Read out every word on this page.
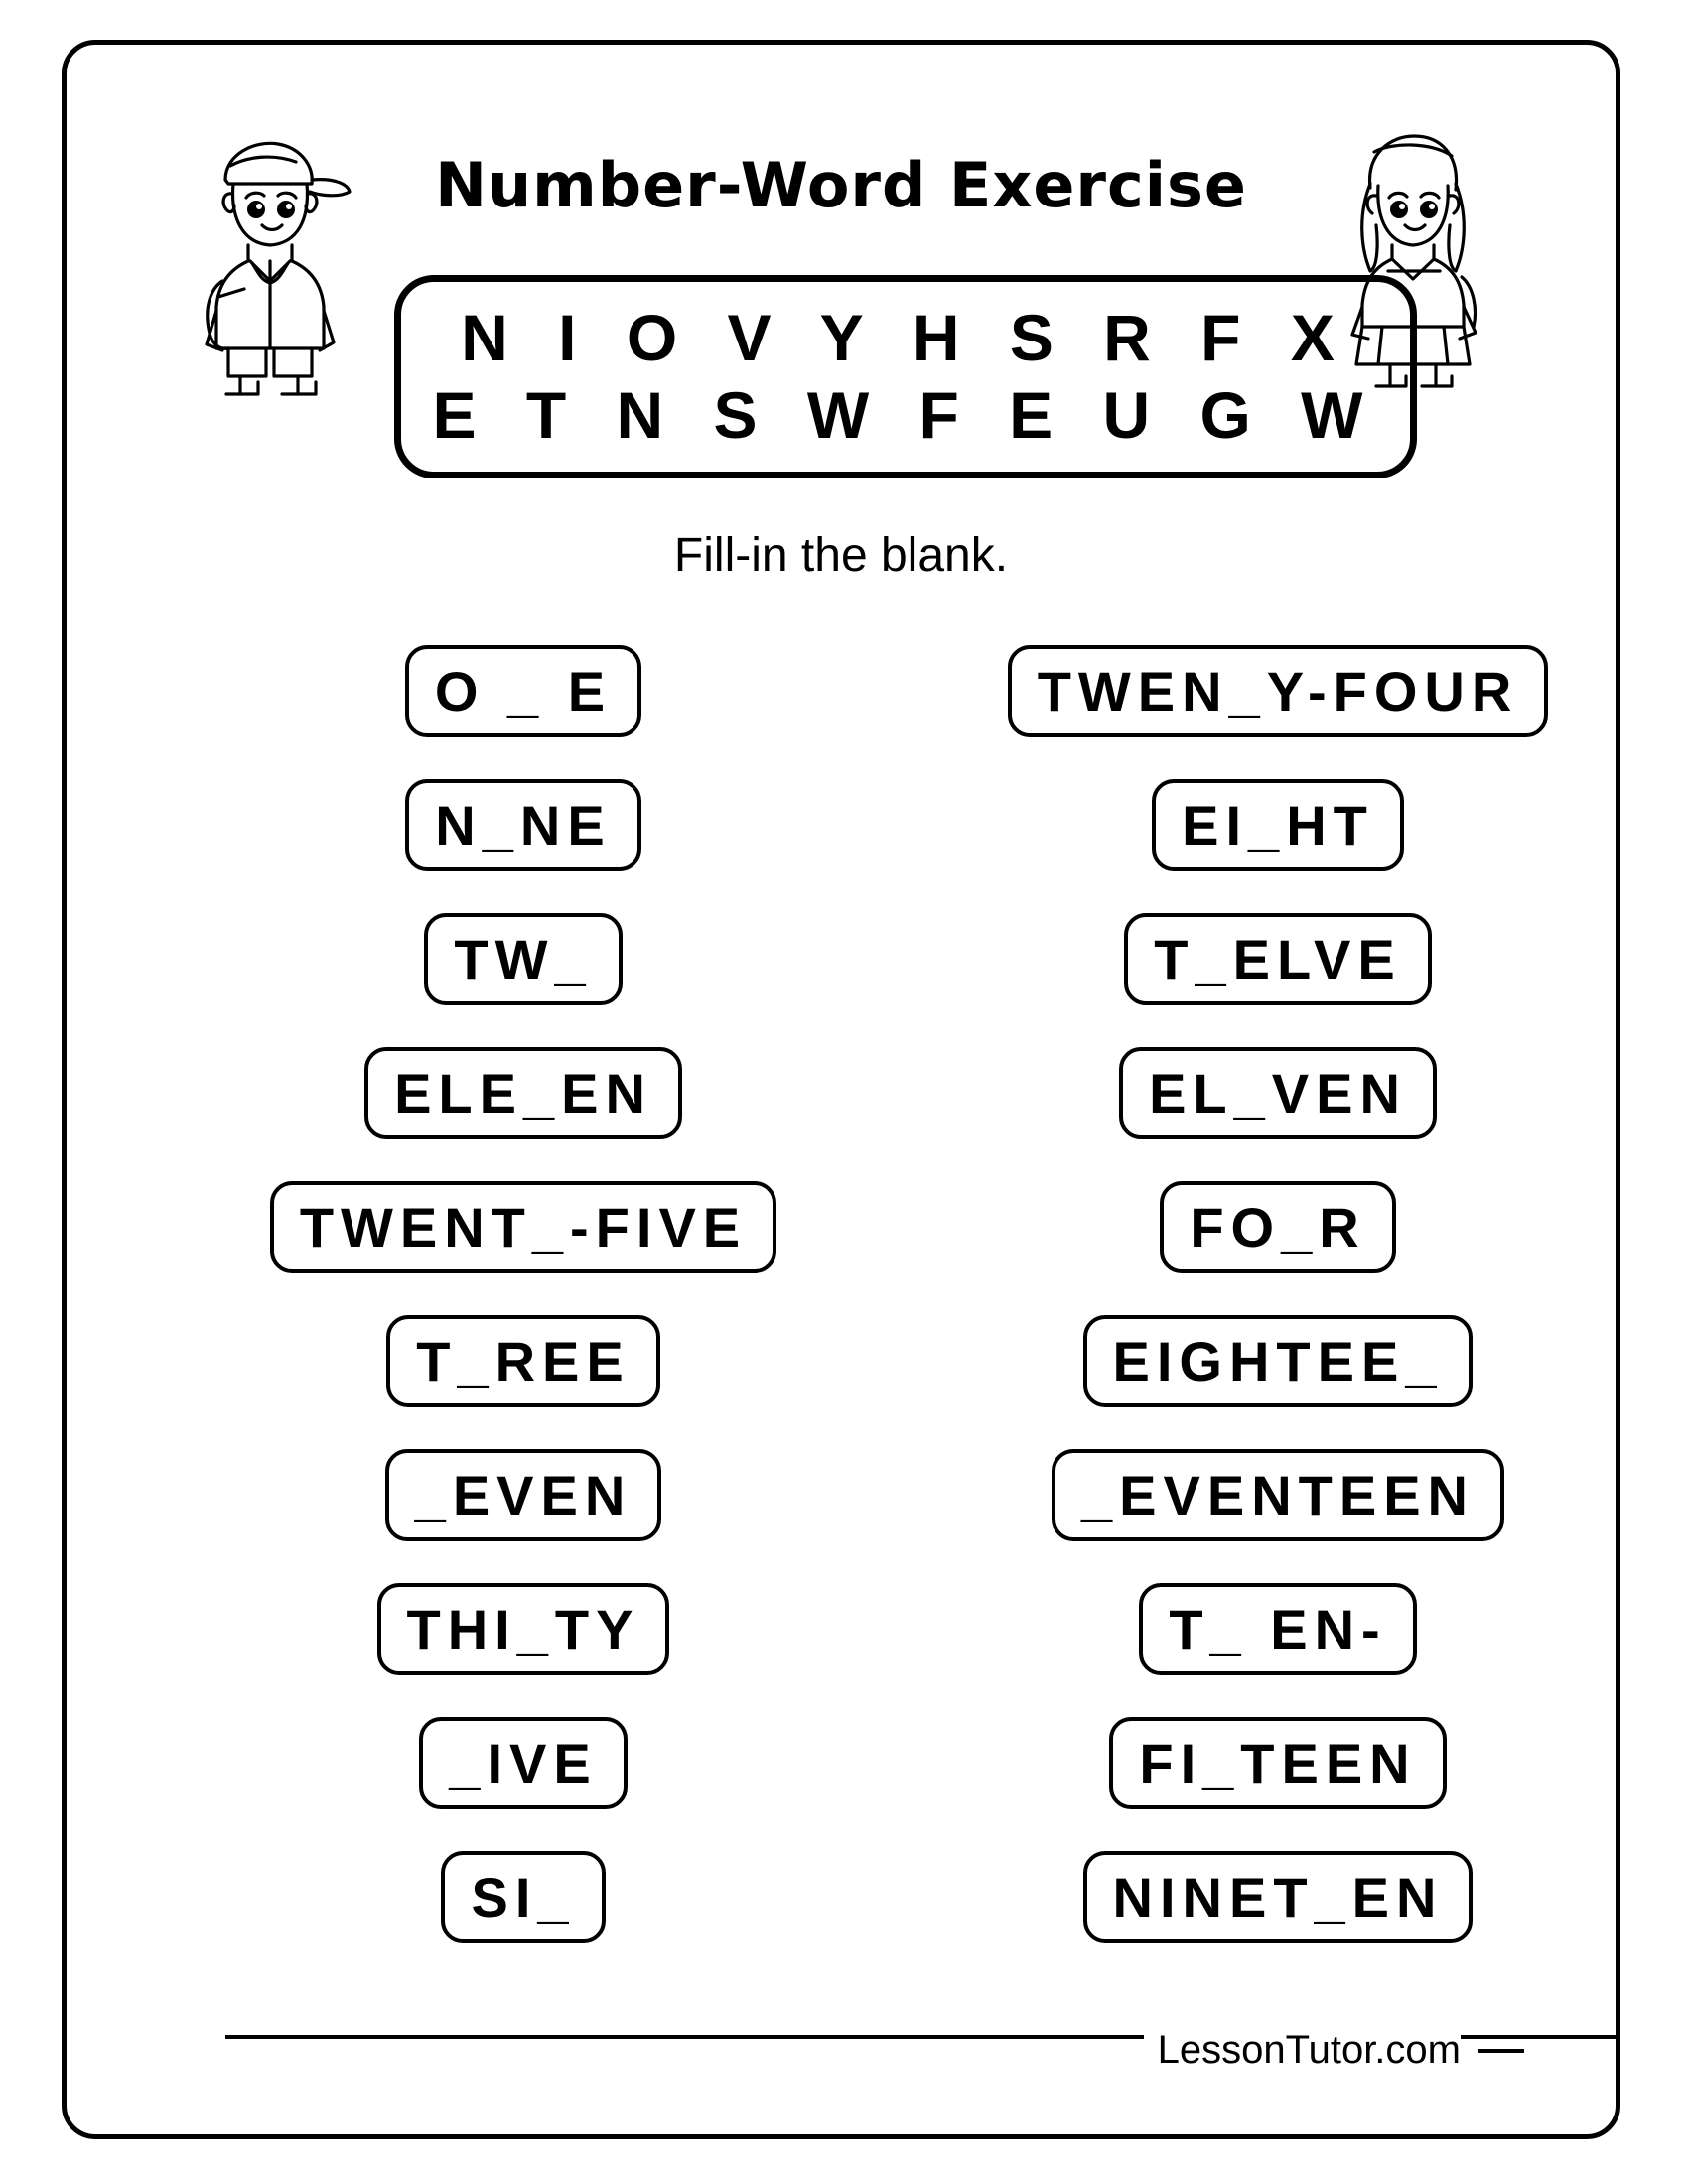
Number-Word Exercise
N I O V Y H S R F X
E T N S W F E U G W
Fill-in the blank.
O _ E
N_NE
TW_
ELE_EN
TWENT_-FIVE
T_REE
_EVEN
THI_TY
_IVE
SI_
TWEN_Y-FOUR
EI_HT
T_ELVE
EL_VEN
FO_R
EIGHTEE_
_EVENTEEN
T_ EN-
FI_TEEN
NINET_EN
LessonTutor.com
